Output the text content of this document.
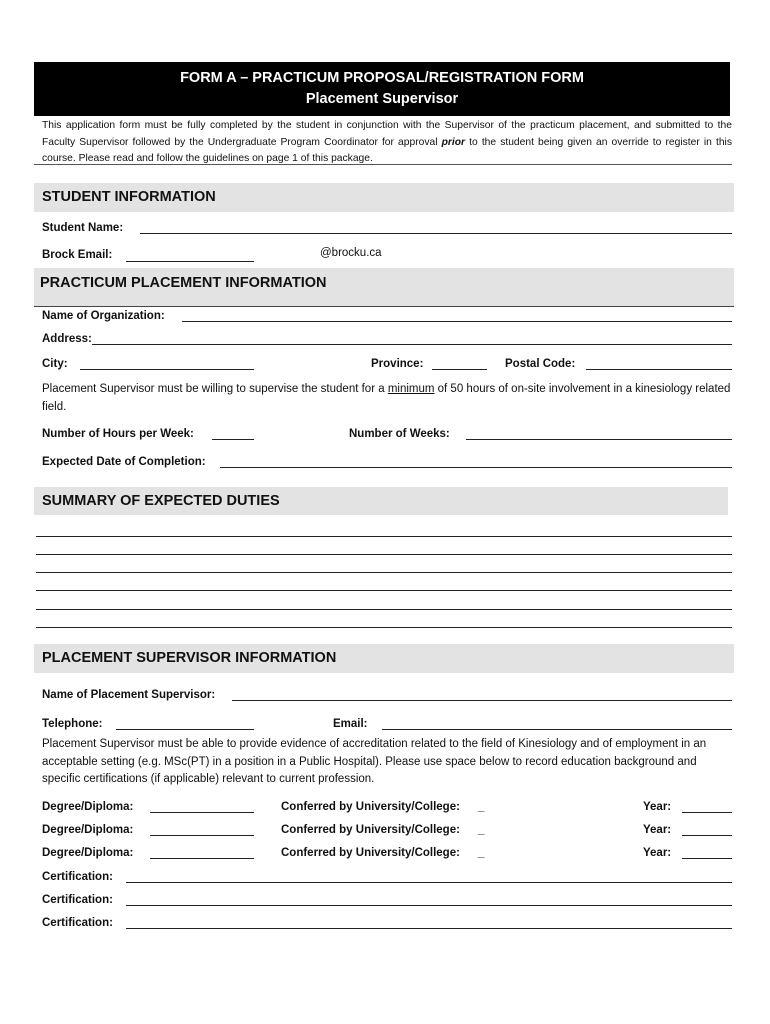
FORM A – PRACTICUM PROPOSAL/REGISTRATION FORM
Placement Supervisor
This application form must be fully completed by the student in conjunction with the Supervisor of the practicum placement, and submitted to the Faculty Supervisor followed by the Undergraduate Program Coordinator for approval prior to the student being given an override to register in this course. Please read and follow the guidelines on page 1 of this package.
STUDENT INFORMATION
Student Name:
Brock Email:	@brocku.ca
PRACTICUM PLACEMENT INFORMATION
Name of Organization:
Address:
City:	Province:	Postal Code:
Placement Supervisor must be willing to supervise the student for a minimum of 50 hours of on-site involvement in a kinesiology related field.
Number of Hours per Week:	Number of Weeks:
Expected Date of Completion:
SUMMARY OF EXPECTED DUTIES
PLACEMENT SUPERVISOR INFORMATION
Name of Placement Supervisor:
Telephone:	Email:
Placement Supervisor must be able to provide evidence of accreditation related to the field of Kinesiology and of employment in an acceptable setting (e.g. MSc(PT) in a position in a Public Hospital). Please use space below to record education background and specific certifications (if applicable) relevant to current profession.
Degree/Diploma:	Conferred by University/College: _	Year:
Degree/Diploma:	Conferred by University/College: _	Year:
Degree/Diploma:	Conferred by University/College: _	Year:
Certification:
Certification:
Certification:
